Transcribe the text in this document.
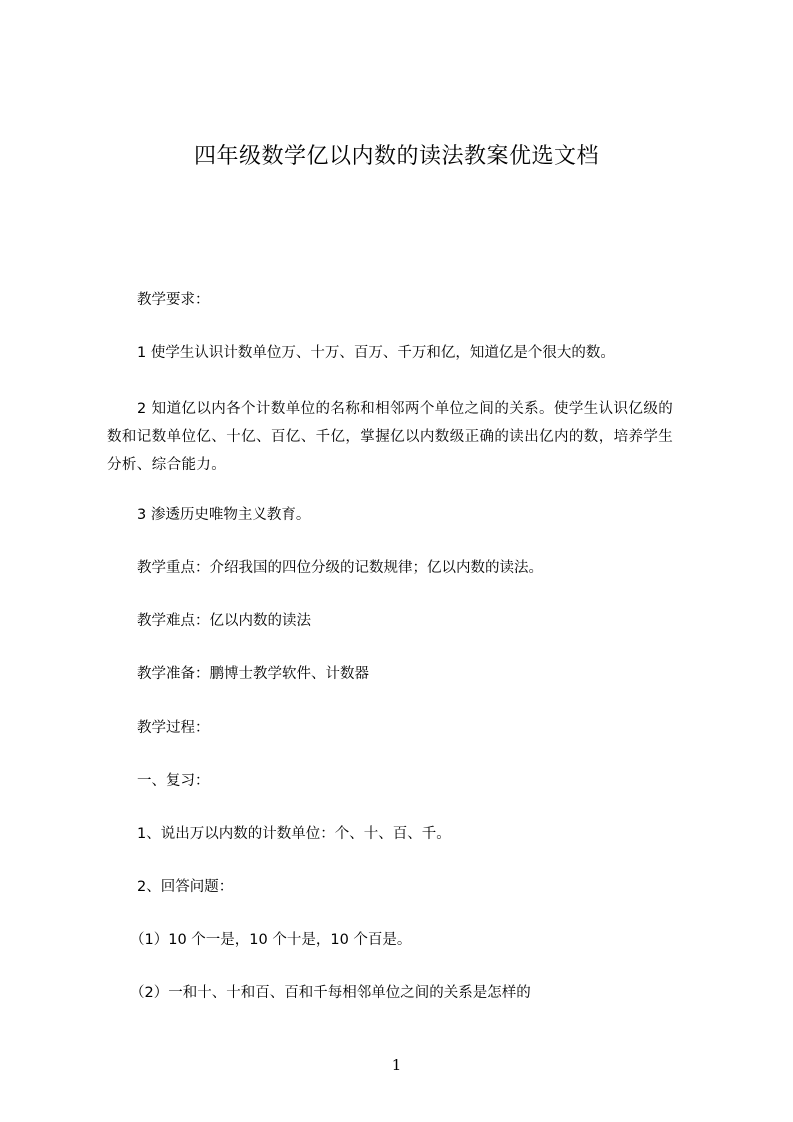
四年级数学亿以内数的读法教案优选文档
教学要求：
1 使学生认识计数单位万、十万、百万、千万和亿，知道亿是个很大的数。
2 知道亿以内各个计数单位的名称和相邻两个单位之间的关系。使学生认识亿级的数和记数单位亿、十亿、百亿、千亿，掌握亿以内数级正确的读出亿内的数，培养学生分析、综合能力。
3 渗透历史唯物主义教育。
教学重点：介绍我国的四位分级的记数规律；亿以内数的读法。
教学难点：亿以内数的读法
教学准备：鹏博士教学软件、计数器
教学过程：
一、复习：
1、说出万以内数的计数单位：个、十、百、千。
2、回答问题：
（1）10 个一是，10 个十是，10 个百是。
（2）一和十、十和百、百和千每相邻单位之间的关系是怎样的
1
